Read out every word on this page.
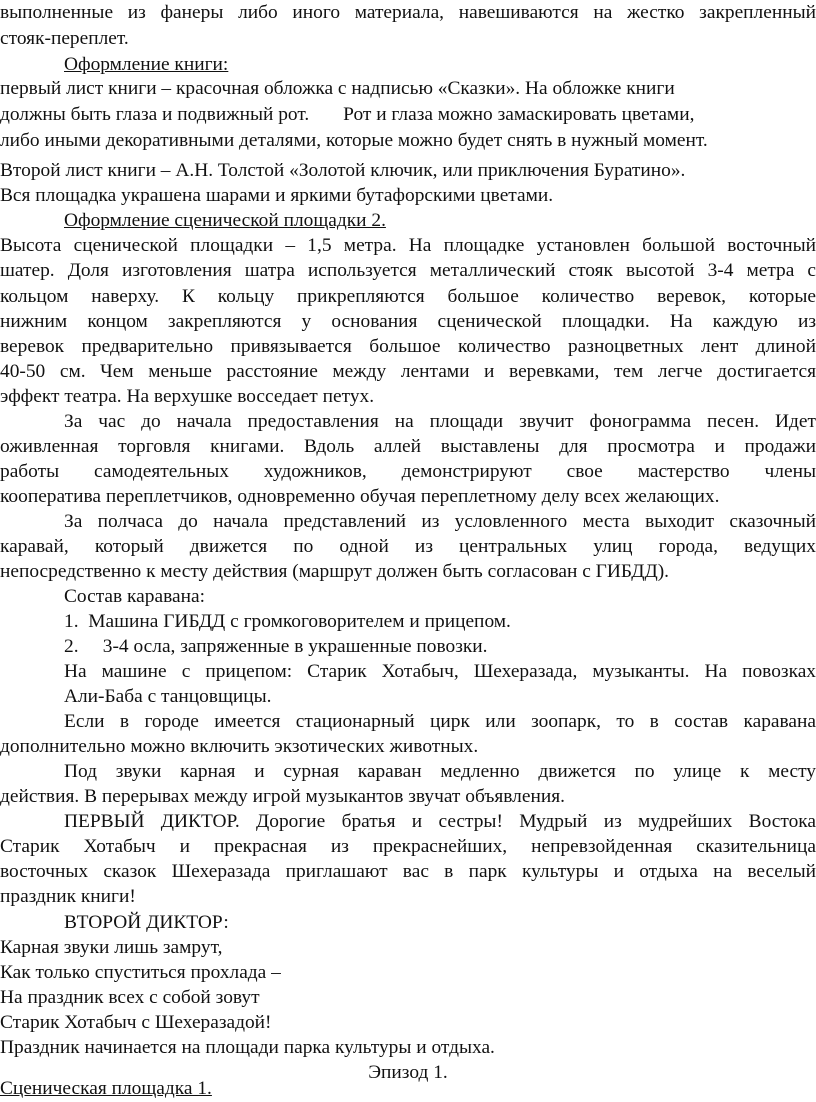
выполненные из фанеры либо иного материала, навешиваются на жестко закрепленный
стояк-переплет.
Оформление книги:
первый лист книги – красочная обложка с надписью «Сказки». На обложке книги
должны быть глаза и подвижный рот.       Рот и глаза можно замаскировать цветами,
либо иными декоративными деталями, которые можно будет снять в нужный момент.
Второй лист книги – А.Н. Толстой «Золотой ключик, или приключения Буратино».
Вся площадка украшена шарами и яркими бутафорскими цветами.
Оформление сценической площадки 2.
Высота сценической площадки – 1,5 метра. На площадке установлен большой восточный
шатер. Доля изготовления шатра используется металлический стояк высотой 3-4 метра с
кольцом наверху. К кольцу прикрепляются большое количество веревок, которые
нижним концом закрепляются у основания сценической площадки. На каждую из
веревок предварительно привязывается большое количество разноцветных лент длиной
40-50 см. Чем меньше расстояние между лентами и веревками, тем легче достигается
эффект театра. На верхушке восседает петух.
За час до начала предоставления на площади звучит фонограмма песен. Идет
оживленная торговля книгами. Вдоль аллей выставлены для просмотра и продажи
работы самодеятельных художников, демонстрируют свое мастерство члены
кооператива переплетчиков, одновременно обучая переплетному делу всех желающих.
За полчаса до начала представлений из условленного места выходит сказочный
каравай, который движется по одной из центральных улиц города, ведущих
непосредственно к месту действия (маршрут должен быть согласован с ГИБДД).
Состав каравана:
1.  Машина ГИБДД с громкоговорителем и прицепом.
2.     3-4 осла, запряженные в украшенные повозки.
На машине с прицепом: Старик Хотабыч, Шехеразада, музыканты. На повозках
Али-Баба с танцовщицы.
Если в городе имеется стационарный цирк или зоопарк, то в состав каравана
дополнительно можно включить экзотических животных.
Под звуки карная и сурная караван медленно движется по улице к месту
действия. В перерывах между игрой музыкантов звучат объявления.
ПЕРВЫЙ ДИКТОР. Дорогие братья и сестры! Мудрый из мудрейших Востока
Старик Хотабыч и прекрасная из прекраснейших, непревзойденная сказительница
восточных сказок Шехеразада приглашают вас в парк культуры и отдыха на веселый
праздник книги!
ВТОРОЙ ДИКТОР:
Карная звуки лишь замрут,
Как только спуститься прохлада –
На праздник всех с собой зовут
Старик Хотабыч с Шехеразадой!
Праздник начинается на площади парка культуры и отдыха.
Эпизод 1.
Сценическая площадка 1.
